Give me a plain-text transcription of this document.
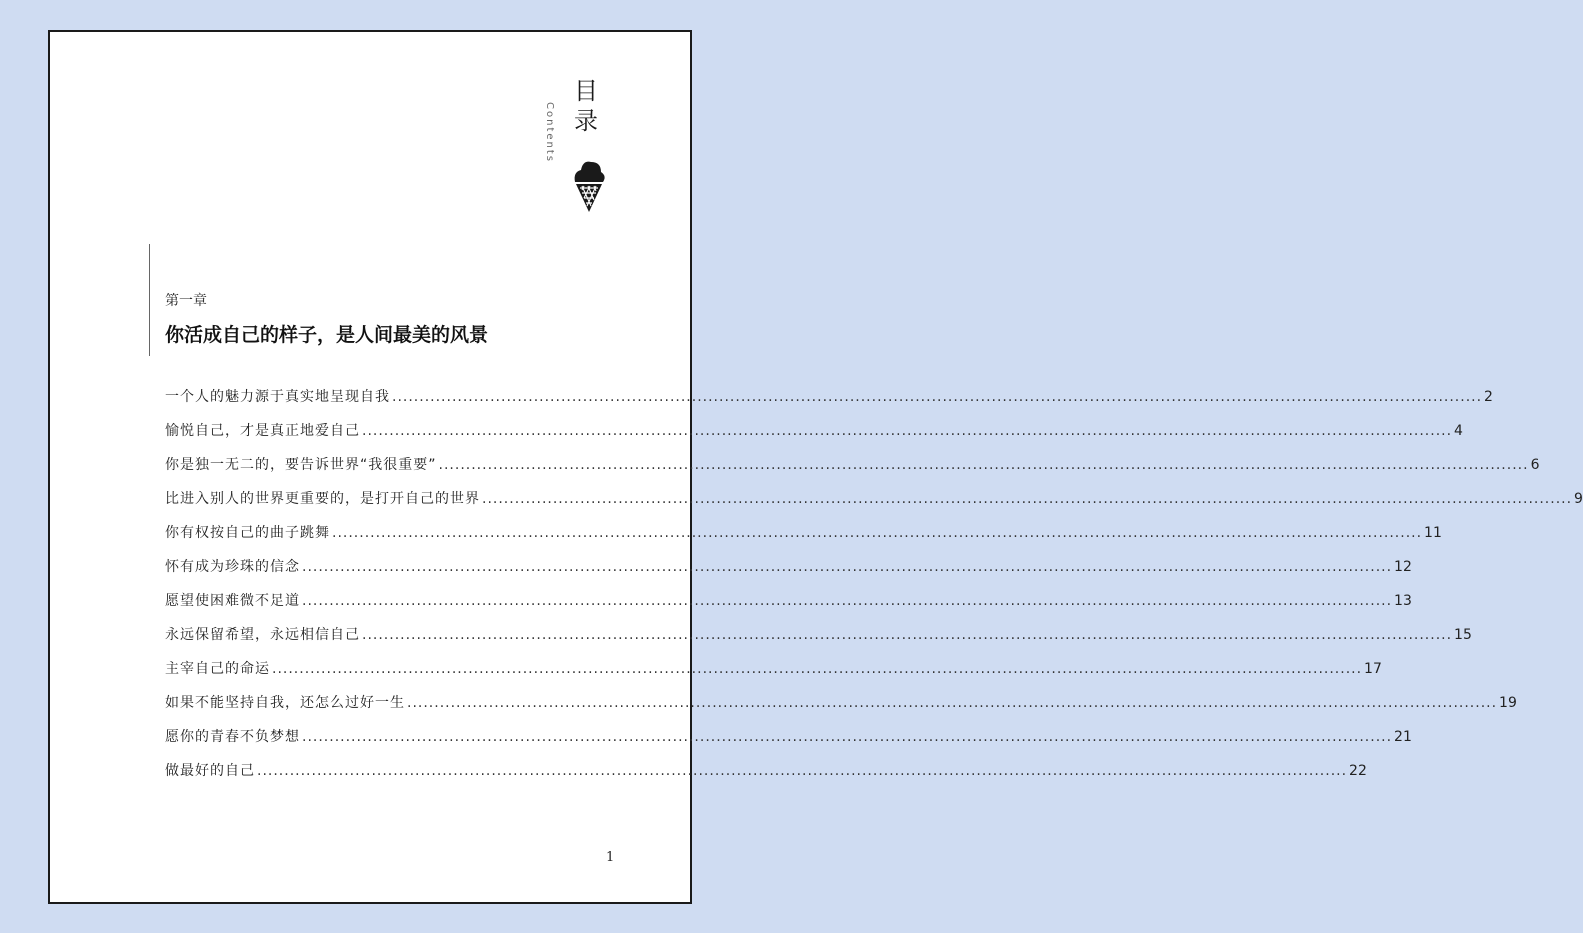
目
录
Contents
第一章
你活成自己的样子，是人间最美的风景
一个人的魅力源于真实地呈现自我 ........................................................................................................................................................................................................ 2
愉悦自己，才是真正地爱自己 ........................................................................................................................................................................................................ 4
你是独一无二的，要告诉世界“我很重要” ........................................................................................................................................................................................................ 6
比进入别人的世界更重要的，是打开自己的世界 ........................................................................................................................................................................................................ 9
你有权按自己的曲子跳舞 ........................................................................................................................................................................................................ 11
怀有成为珍珠的信念 ........................................................................................................................................................................................................ 12
愿望使困难微不足道 ........................................................................................................................................................................................................ 13
永远保留希望，永远相信自己 ........................................................................................................................................................................................................ 15
主宰自己的命运 ........................................................................................................................................................................................................ 17
如果不能坚持自我，还怎么过好一生 ........................................................................................................................................................................................................ 19
愿你的青春不负梦想 ........................................................................................................................................................................................................ 21
做最好的自己 ........................................................................................................................................................................................................ 22
1
